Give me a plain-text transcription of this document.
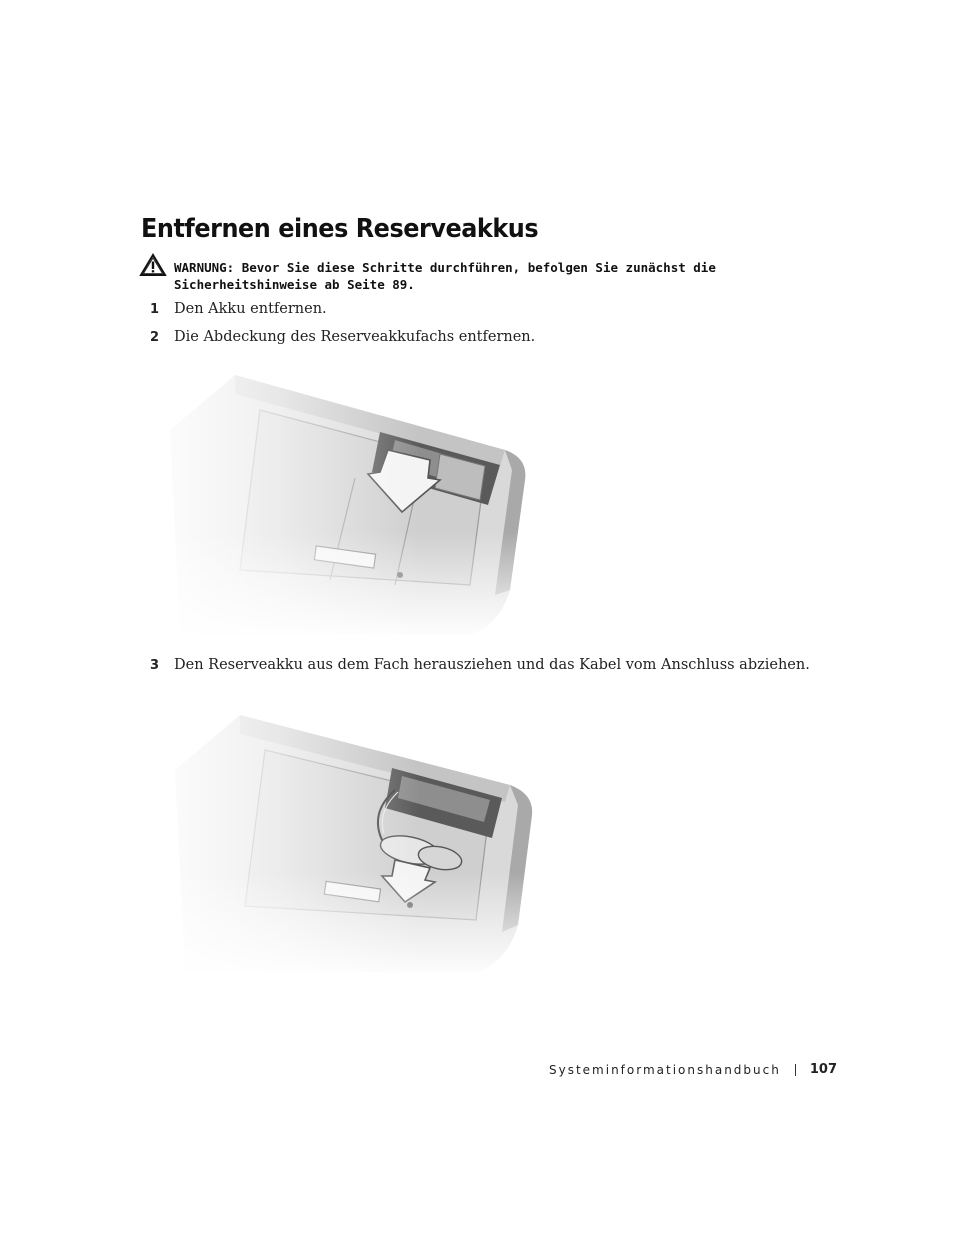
Entfernen eines Reserveakkus
WARNUNG: Bevor Sie diese Schritte durchführen, befolgen Sie zunächst die
Sicherheitshinweise ab Seite 89.
1 Den Akku entfernen.
2 Die Abdeckung des Reserveakkufachs entfernen.
3 Den Reserveakku aus dem Fach herausziehen und das Kabel vom Anschluss abziehen.
Systeminformationshandbuch 107
